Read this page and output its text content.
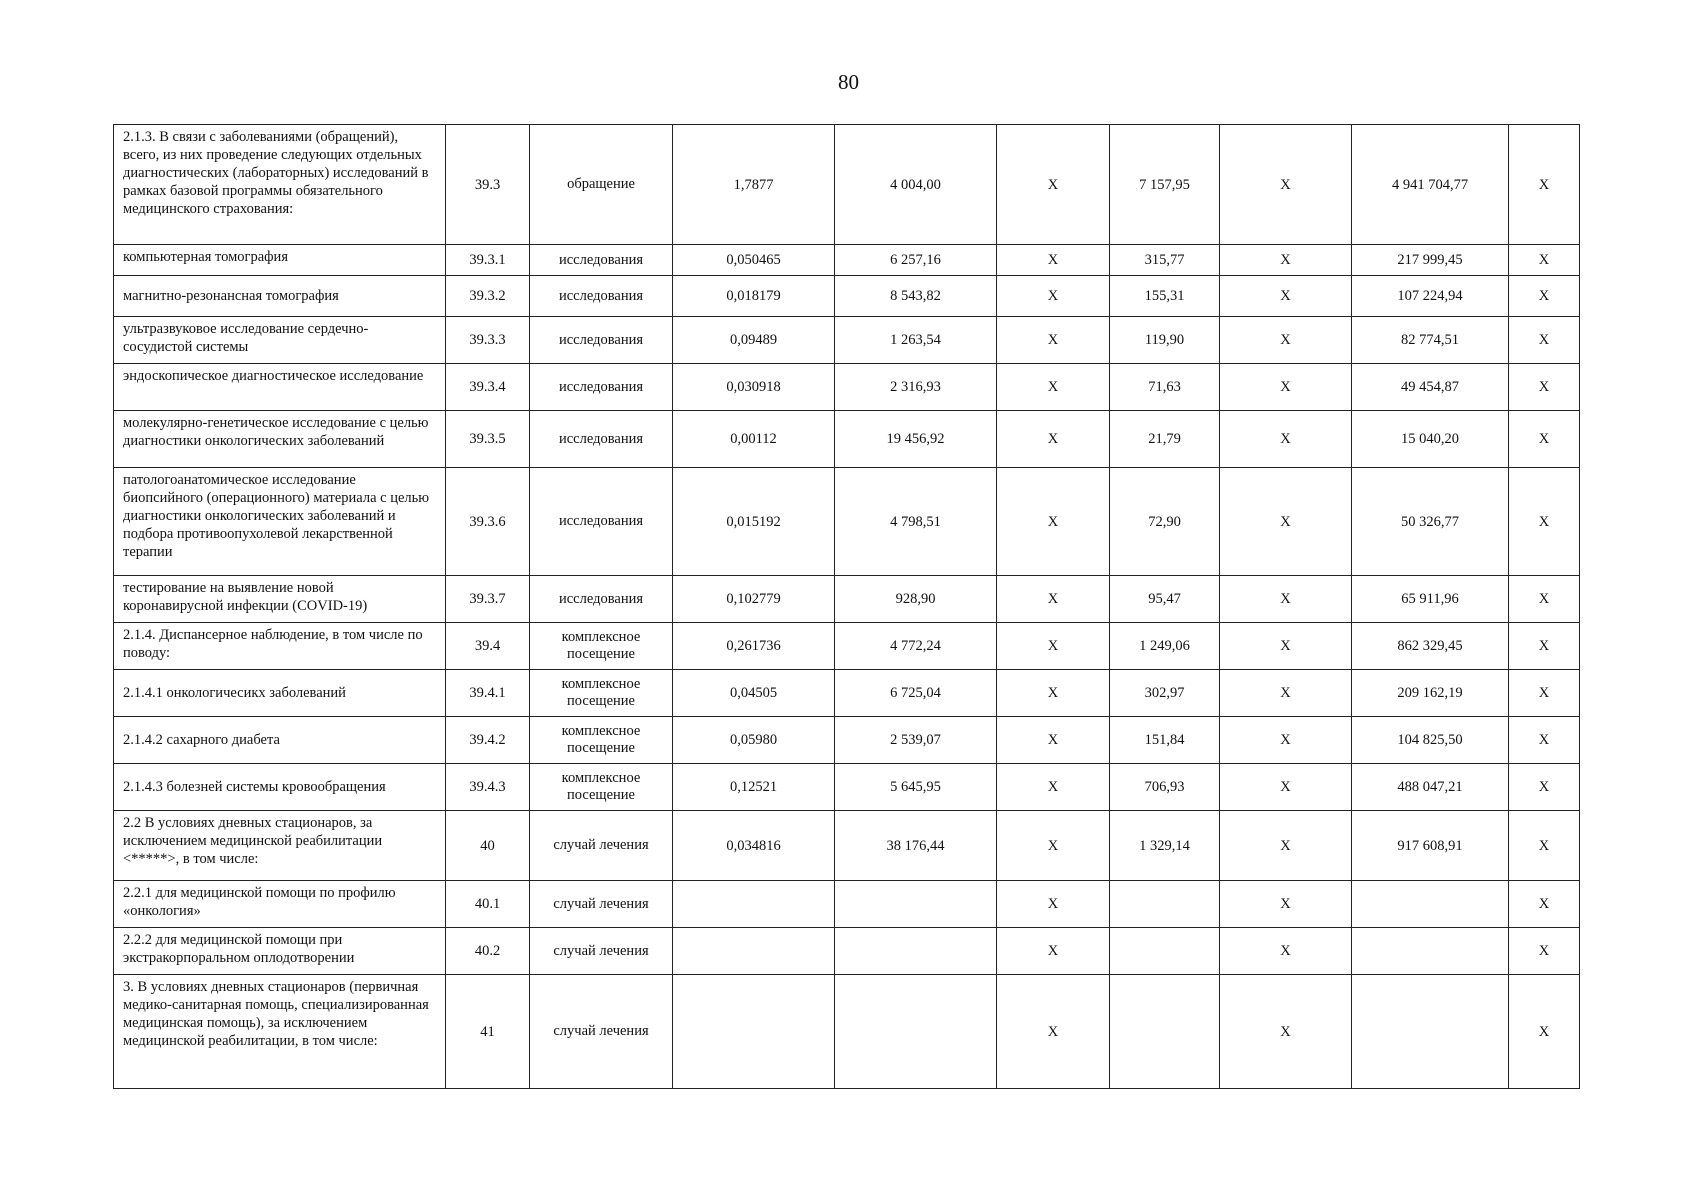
80
2.1.3. В связи с заболеваниями (обращений), всего, из них проведение следующих отдельных диагностических (лабораторных) исследований в рамках базовой программы обязательного медицинского страхования:	39.3	обращение	1,7877	4 004,00	Х	7 157,95	Х	4 941 704,77	Х
компьютерная томография	39.3.1	исследования	0,050465	6 257,16	Х	315,77	Х	217 999,45	Х
магнитно-резонансная томография	39.3.2	исследования	0,018179	8 543,82	Х	155,31	Х	107 224,94	Х
ультразвуковое исследование сердечно-сосудистой системы	39.3.3	исследования	0,09489	1 263,54	Х	119,90	Х	82 774,51	Х
эндоскопическое диагностическое исследование	39.3.4	исследования	0,030918	2 316,93	Х	71,63	Х	49 454,87	Х
молекулярно-генетическое исследование с целью диагностики онкологических заболеваний	39.3.5	исследования	0,00112	19 456,92	Х	21,79	Х	15 040,20	Х
патологоанатомическое исследование биопсийного (операционного) материала с целью диагностики онкологических заболеваний и подбора противоопухолевой лекарственной терапии	39.3.6	исследования	0,015192	4 798,51	Х	72,90	Х	50 326,77	Х
тестирование на выявление новой коронавирусной инфекции (COVID-19)	39.3.7	исследования	0,102779	928,90	Х	95,47	Х	65 911,96	Х
2.1.4. Диспансерное наблюдение, в том числе по поводу:	39.4	комплексное посещение	0,261736	4 772,24	Х	1 249,06	Х	862 329,45	Х
2.1.4.1 онкологичесикх заболеваний	39.4.1	комплексное посещение	0,04505	6 725,04	Х	302,97	Х	209 162,19	Х
2.1.4.2 сахарного диабета	39.4.2	комплексное посещение	0,05980	2 539,07	Х	151,84	Х	104 825,50	Х
2.1.4.3 болезней системы кровообращения	39.4.3	комплексное посещение	0,12521	5 645,95	Х	706,93	Х	488 047,21	Х
2.2 В условиях дневных стационаров, за исключением медицинской реабилитации <*****>, в том числе:	40	случай лечения	0,034816	38 176,44	Х	1 329,14	Х	917 608,91	Х
2.2.1 для медицинской помощи по профилю «онкология»	40.1	случай лечения			Х		Х		Х
2.2.2 для медицинской помощи при экстракорпоральном оплодотворении	40.2	случай лечения			Х		Х		Х
3. В условиях дневных стационаров (первичная медико-санитарная помощь, специализированная медицинская помощь), за исключением медицинской реабилитации, в том числе:	41	случай лечения			Х		Х		Х
